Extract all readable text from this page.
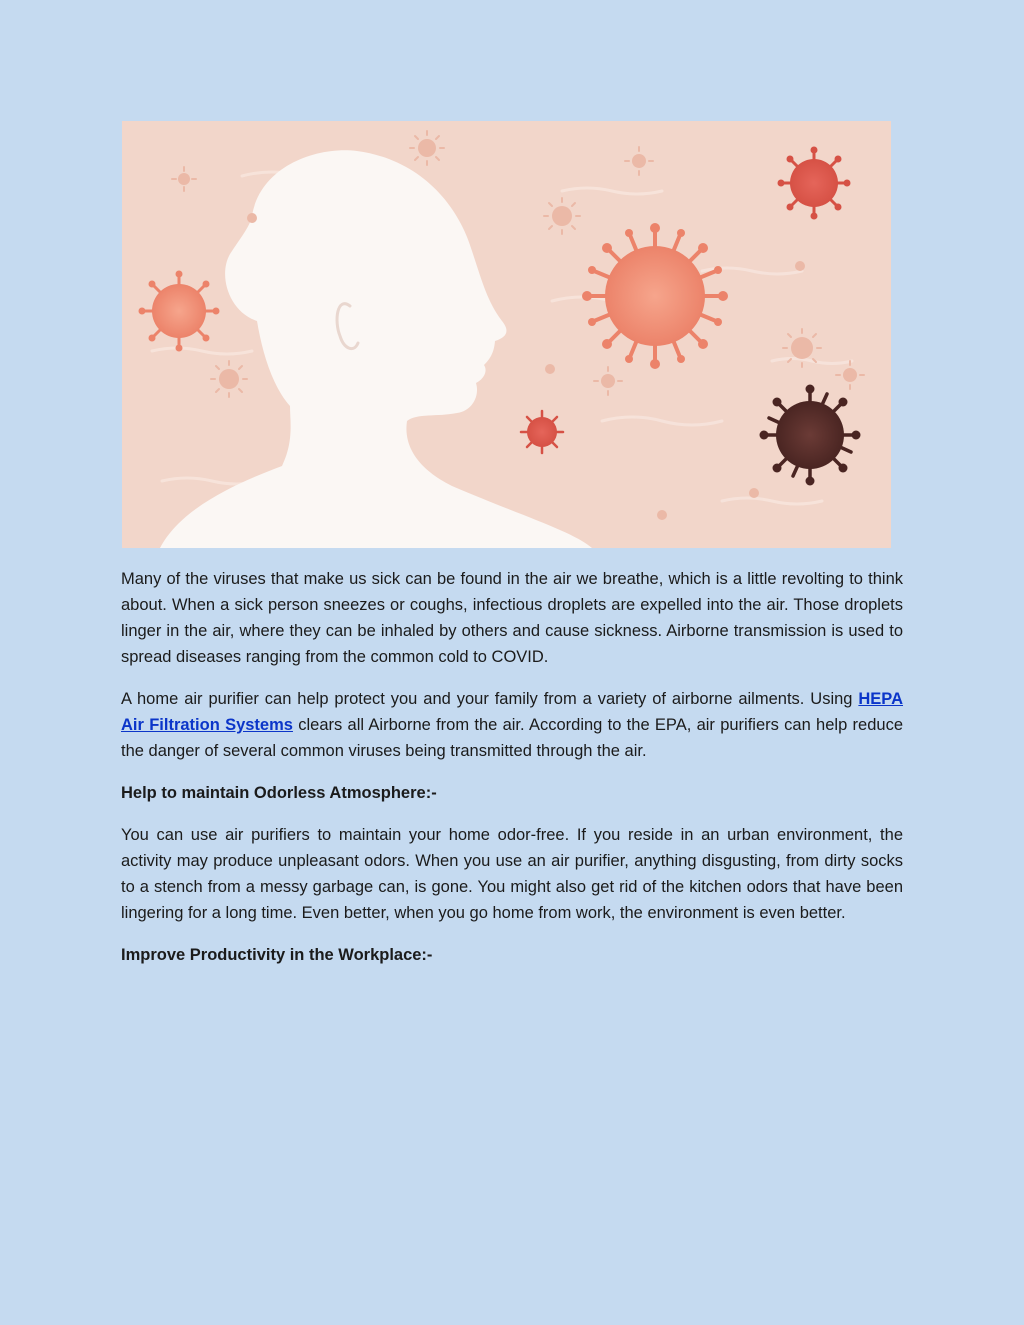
Many of the viruses that make us sick can be found in the air we breathe, which is a little revolting to think about. When a sick person sneezes or coughs, infectious droplets are expelled into the air. Those droplets linger in the air, where they can be inhaled by others and cause sickness. Airborne transmission is used to spread diseases ranging from the common cold to COVID.

A home air purifier can help protect you and your family from a variety of airborne ailments. Using HEPA Air Filtration Systems clears all Airborne from the air. According to the EPA, air purifiers can help reduce the danger of several common viruses being transmitted through the air.

Help to maintain Odorless Atmosphere:-

You can use air purifiers to maintain your home odor-free. If you reside in an urban environment, the activity may produce unpleasant odors. When you use an air purifier, anything disgusting, from dirty socks to a stench from a messy garbage can, is gone. You might also get rid of the kitchen odors that have been lingering for a long time. Even better, when you go home from work, the environment is even better.

Improve Productivity in the Workplace:-
